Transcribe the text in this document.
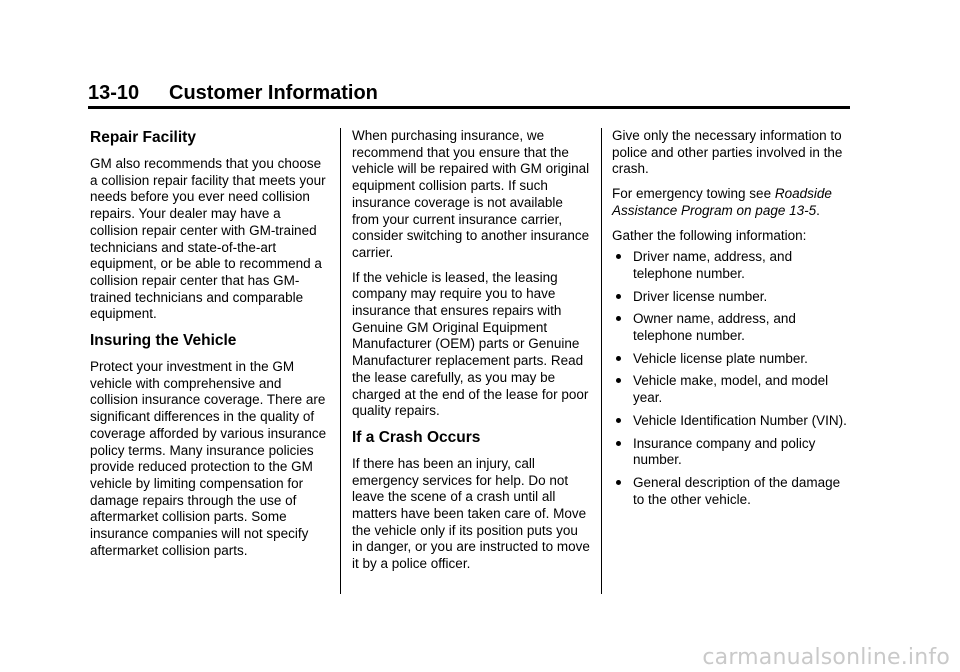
13-10 Customer Information
Repair Facility

GM also recommends that you choose a collision repair facility that meets your needs before you ever need collision repairs. Your dealer may have a collision repair center with GM-trained technicians and state-of-the-art equipment, or be able to recommend a collision repair center that has GM-trained technicians and comparable equipment.

Insuring the Vehicle

Protect your investment in the GM vehicle with comprehensive and collision insurance coverage. There are significant differences in the quality of coverage afforded by various insurance policy terms. Many insurance policies provide reduced protection to the GM vehicle by limiting compensation for damage repairs through the use of aftermarket collision parts. Some insurance companies will not specify aftermarket collision parts.

When purchasing insurance, we recommend that you ensure that the vehicle will be repaired with GM original equipment collision parts. If such insurance coverage is not available from your current insurance carrier, consider switching to another insurance carrier.

If the vehicle is leased, the leasing company may require you to have insurance that ensures repairs with Genuine GM Original Equipment Manufacturer (OEM) parts or Genuine Manufacturer replacement parts. Read the lease carefully, as you may be charged at the end of the lease for poor quality repairs.

If a Crash Occurs

If there has been an injury, call emergency services for help. Do not leave the scene of a crash until all matters have been taken care of. Move the vehicle only if its position puts you in danger, or you are instructed to move it by a police officer.

Give only the necessary information to police and other parties involved in the crash.

For emergency towing see Roadside Assistance Program on page 13-5.

Gather the following information:

Driver name, address, and telephone number.
Driver license number.
Owner name, address, and telephone number.
Vehicle license plate number.
Vehicle make, model, and model year.
Vehicle Identification Number (VIN).
Insurance company and policy number.
General description of the damage to the other vehicle.
carmanualsonline.info
